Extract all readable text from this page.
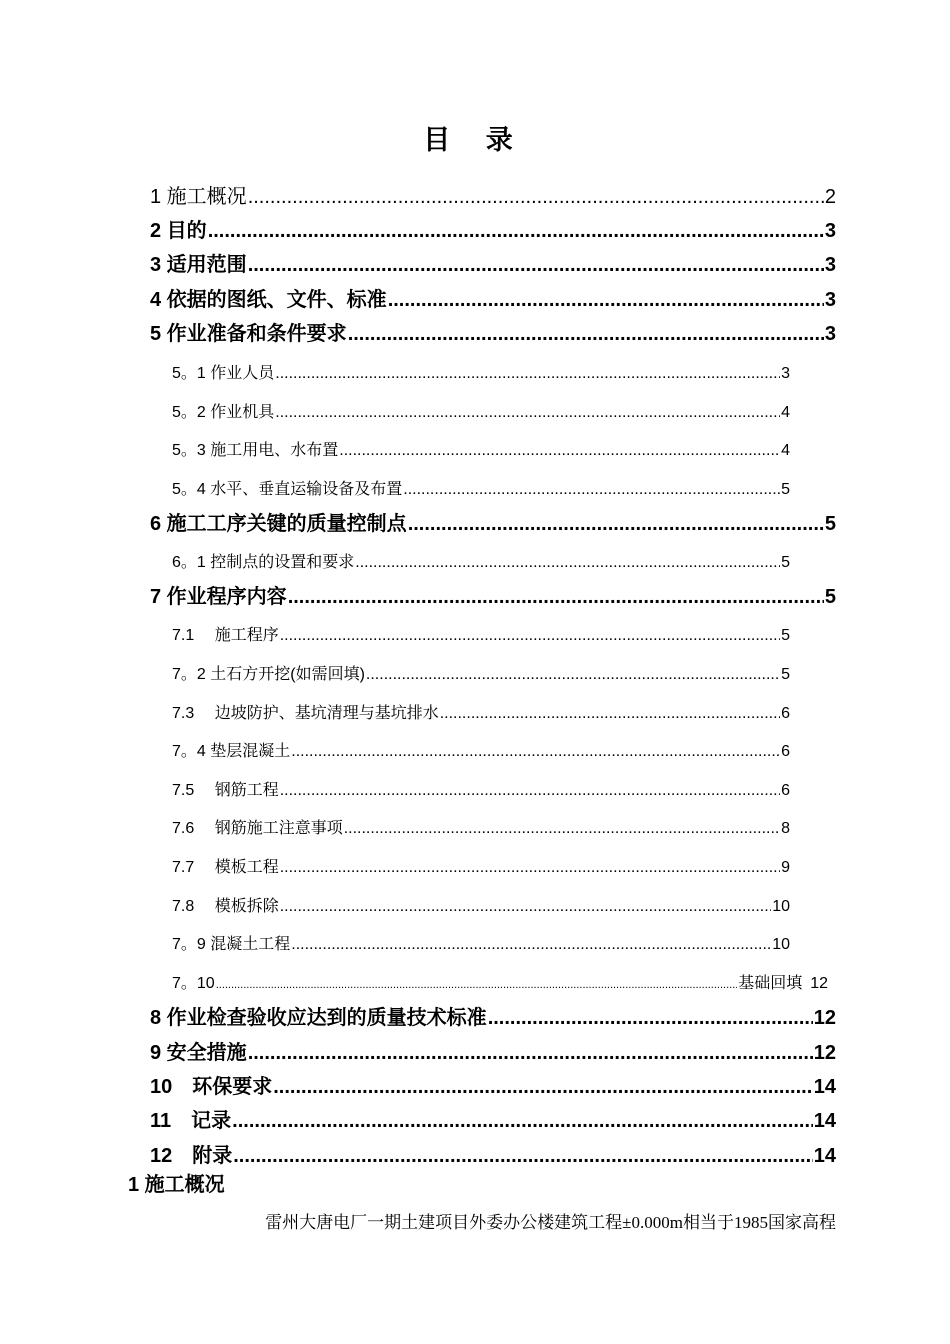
目 录
1 施工概况 .....	2
2 目的 .....	3
3 适用范围 .....	3
4 依据的图纸、文件、标准 .....	3
5 作业准备和条件要求 .....	3
5。1 作业人员 .....	3
5。2 作业机具 .....	4
5。3 施工用电、水布置 .....	4
5。4 水平、垂直运输设备及布置 .....	5
6 施工工序关键的质量控制点 .....	5
6。1 控制点的设置和要求 .....	5
7 作业程序内容 .....	5
7.1　 施工程序 .....	5
7。2 土石方开挖(如需回填) .....	5
7.3　 边坡防护、基坑清理与基坑排水 .....	6
7。4 垫层混凝土 .....	6
7.5　 钢筋工程 .....	6
7.6　 钢筋施工注意事项 .....	8
7.7　 模板工程 .....	9
7.8　 模板拆除 .....	10
7。9 混凝土工程 .....	10
7。10 .....	基础回填 12
8 作业检查验收应达到的质量技术标准 .....	12
9 安全措施 .....	12
10　环保要求 .....	14
11　记录 .....	14
12　附录 .....	14
1 施工概况
雷州大唐电厂一期土建项目外委办公楼建筑工程±0.000m相当于1985国家高程
